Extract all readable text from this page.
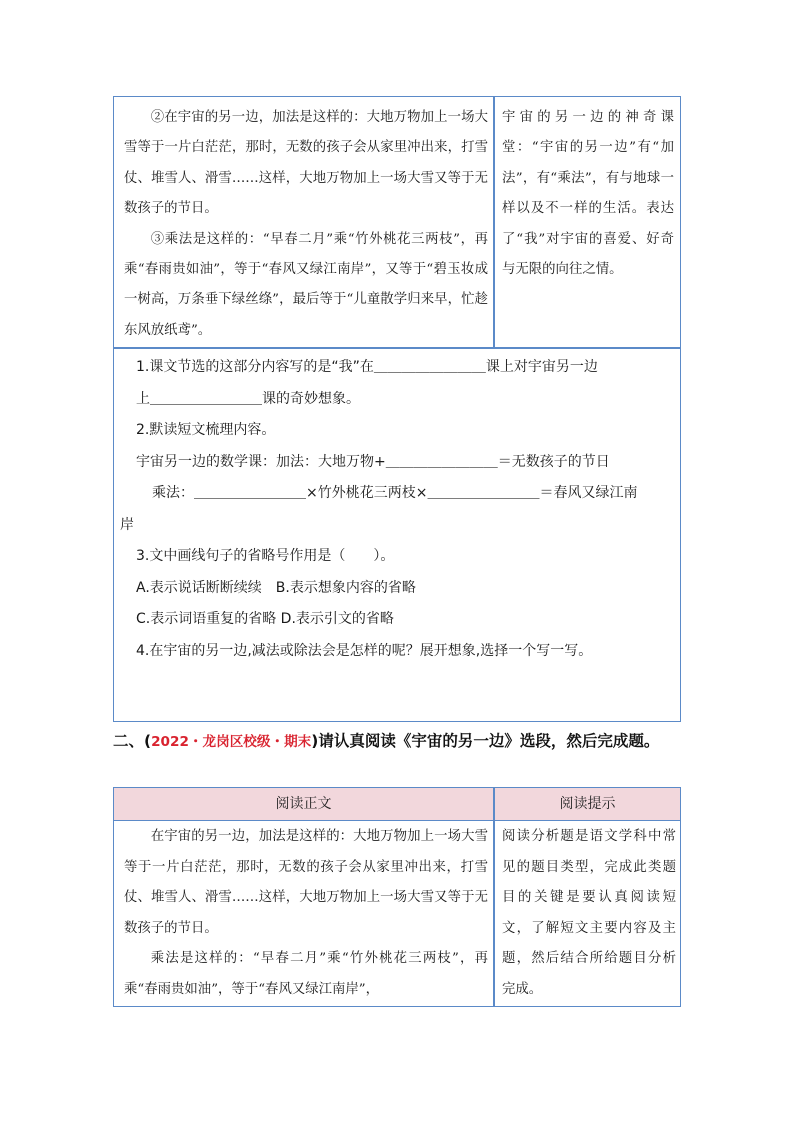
②在宇宙的另一边，加法是这样的：大地万物加上一场大雪等于一片白茫茫，那时，无数的孩子会从家里冲出来，打雪仗、堆雪人、滑雪……这样，大地万物加上一场大雪又等于无数孩子的节日。

③乘法是这样的：“早春二月”乘“竹外桃花三两枝”，再乘“春雨贵如油”，等于“春风又绿江南岸”，又等于“碧玉妆成一树高，万条垂下绿丝绦”，最后等于“儿童散学归来早，忙趁东风放纸鸢”。

宇宙的另一边的神奇课堂：“宇宙的另一边”有“加法”，有“乘法”，有与地球一样以及不一样的生活。表达了“我”对宇宙的喜爱、好奇与无限的向往之情。
1.课文节选的这部分内容写的是“我”在＿＿＿＿＿＿＿＿课上对宇宙另一边
上＿＿＿＿＿＿＿＿课的奇妙想象。
2.默读短文梳理内容。
宇宙另一边的数学课：加法：大地万物+＿＿＿＿＿＿＿＿＝无数孩子的节日
乘法：＿＿＿＿＿＿＿＿×竹外桃花三两枝×＿＿＿＿＿＿＿＿＝春风又绿江南
岸
3.文中画线句子的省略号作用是（　　）。
A.表示说话断断续续　B.表示想象内容的省略
C.表示词语重复的省略 D.表示引文的省略
4.在宇宙的另一边,减法或除法会是怎样的呢？展开想象,选择一个写一写。
二、(2022・龙岗区校级・期末)请认真阅读《宇宙的另一边》选段，然后完成题。
阅读正文	阅读提示

在宇宙的另一边，加法是这样的：大地万物加上一场大雪等于一片白茫茫，那时，无数的孩子会从家里冲出来，打雪仗、堆雪人、滑雪……这样，大地万物加上一场大雪又等于无数孩子的节日。

乘法是这样的：“早春二月”乘“竹外桃花三两枝”，再乘“春雨贵如油”，等于“春风又绿江南岸”，

阅读分析题是语文学科中常见的题目类型，完成此类题目的关键是要认真阅读短文，了解短文主要内容及主题，然后结合所给题目分析完成。
